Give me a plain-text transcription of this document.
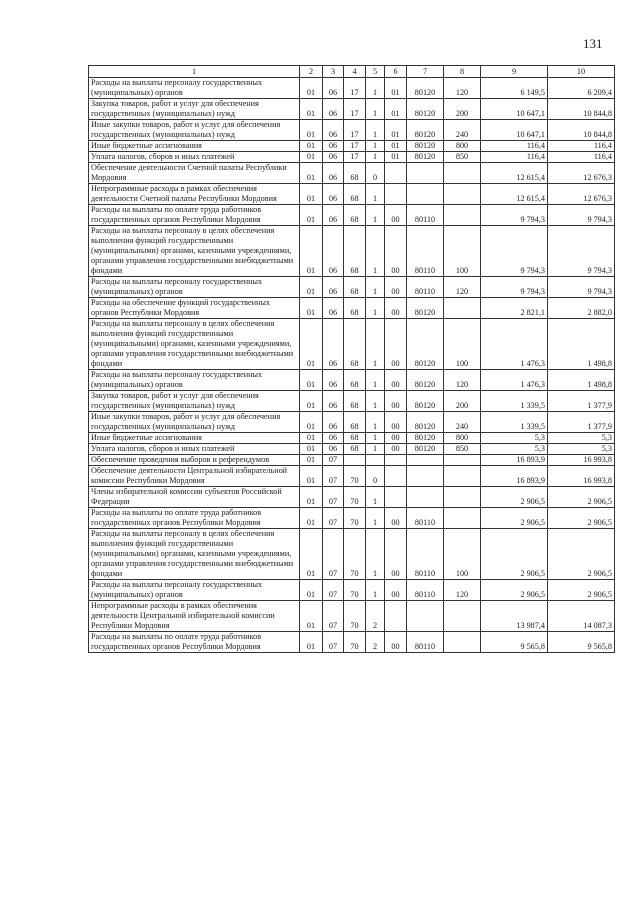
131
1	2	3	4	5	6	7	8	9	10
Расходы на выплаты персоналу государственных (муниципальных) органов	01	06	17	1	01	80120	120	6 149,5	6 209,4
Закупка товаров, работ и услуг для обеспечения государственных (муниципальных) нужд	01	06	17	1	01	80120	200	10 647,1	10 844,8
Иные закупки товаров, работ и услуг для обеспечения государственных (муниципальных) нужд	01	06	17	1	01	80120	240	10 647,1	10 844,8
Иные бюджетные ассигнования	01	06	17	1	01	80120	800	116,4	116,4
Уплата налогов, сборов и иных платежей	01	06	17	1	01	80120	850	116,4	116,4
Обеспечение деятельности Счетной палаты Республики Мордовия	01	06	68	0				12 615,4	12 676,3
Непрограммные расходы в рамках обеспечения деятельности Счетной палаты Республики Мордовия	01	06	68	1				12 615,4	12 676,3
Расходы на выплаты по оплате труда работников государственных органов Республики Мордовия	01	06	68	1	00	80110		9 794,3	9 794,3
Расходы на выплаты персоналу в целях обеспечения выполнения функций государственными (муниципальными) органами, казенными учреждениями, органами управления государственными внебюджетными фондами	01	06	68	1	00	80110	100	9 794,3	9 794,3
Расходы на выплаты персоналу государственных (муниципальных) органов	01	06	68	1	00	80110	120	9 794,3	9 794,3
Расходы на обеспечение функций государственных органов Республики Мордовия	01	06	68	1	00	80120		2 821,1	2 882,0
Расходы на выплаты персоналу в целях обеспечения выполнения функций государственными (муниципальными) органами, казенными учреждениями, органами управления государственными внебюджетными фондами	01	06	68	1	00	80120	100	1 476,3	1 498,8
Расходы на выплаты персоналу государственных (муниципальных) органов	01	06	68	1	00	80120	120	1 476,3	1 498,8
Закупка товаров, работ и услуг для обеспечения государственных (муниципальных) нужд	01	06	68	1	00	80120	200	1 339,5	1 377,9
Иные закупки товаров, работ и услуг для обеспечения государственных (муниципальных) нужд	01	06	68	1	00	80120	240	1 339,5	1 377,9
Иные бюджетные ассигнования	01	06	68	1	00	80120	800	5,3	5,3
Уплата налогов, сборов и иных платежей	01	06	68	1	00	80120	850	5,3	5,3
Обеспечение проведения выборов и референдумов	01	07						16 893,9	16 993,8
Обеспечение деятельности Центральной избирательной комиссии Республики Мордовия	01	07	70	0				16 893,9	16 993,8
Члены избирательной комиссии субъектов Российской Федерации	01	07	70	1				2 906,5	2 906,5
Расходы на выплаты по оплате труда работников государственных органов Республики Мордовия	01	07	70	1	00	80110		2 906,5	2 906,5
Расходы на выплаты персоналу в целях обеспечения выполнения функций государственными (муниципальными) органами, казенными учреждениями, органами управления государственными внебюджетными фондами	01	07	70	1	00	80110	100	2 906,5	2 906,5
Расходы на выплаты персоналу государственных (муниципальных) органов	01	07	70	1	00	80110	120	2 906,5	2 906,5
Непрограммные расходы в рамках обеспечения деятельности Центральной избирательной комиссии Республики Мордовия	01	07	70	2				13 987,4	14 087,3
Расходы на выплаты по оплате труда работников государственных органов Республики Мордовия	01	07	70	2	00	80110		9 565,8	9 565,8
